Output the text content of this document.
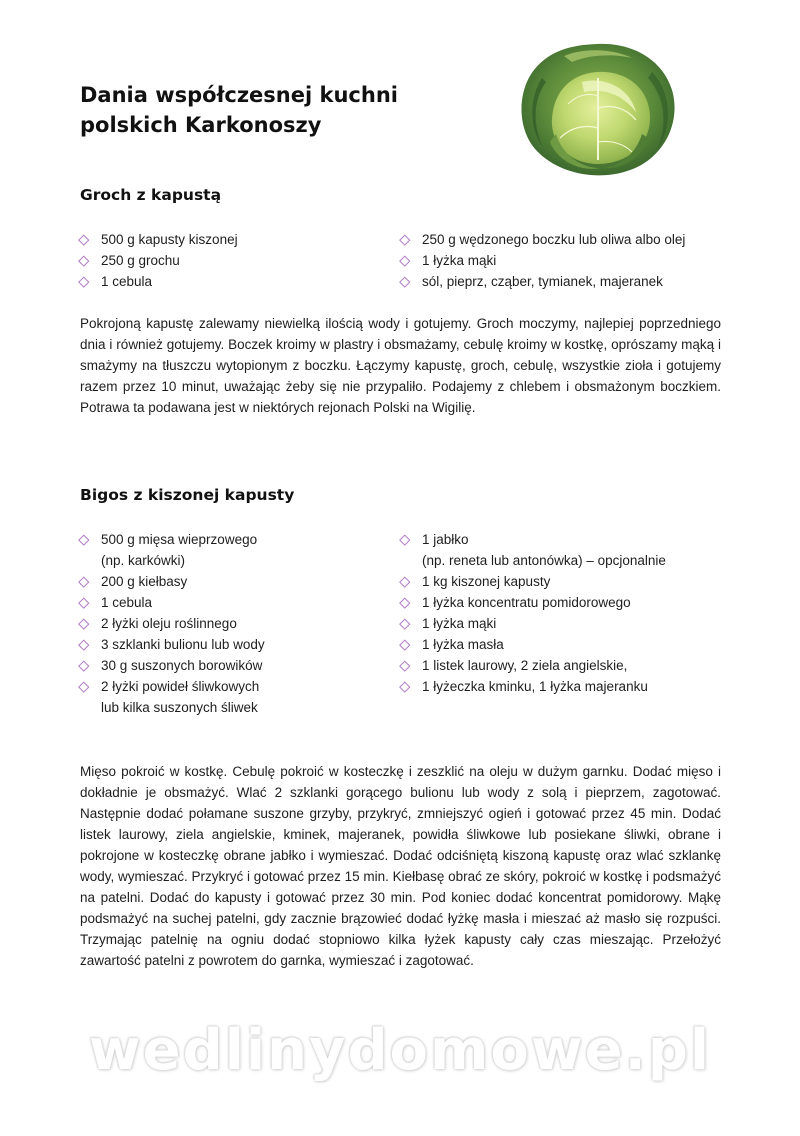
Dania współczesnej kuchni
polskich Karkonoszy
Groch z kapustą
500 g kapusty kiszonej
250 g grochu
1 cebula
250 g wędzonego boczku lub oliwa albo olej
1 łyżka mąki
sól, pieprz, cząber, tymianek, majeranek

Pokrojoną kapustę zalewamy niewielką ilością wody i gotujemy. Groch moczymy, najlepiej poprzedniego dnia i również gotujemy. Boczek kroimy w plastry i obsmażamy, cebulę kroimy w kostkę, oprószamy mąką i smażymy na tłuszczu wytopionym z boczku. Łączymy kapustę, groch, cebulę, wszystkie zioła i gotujemy razem przez 10 minut, uważając żeby się nie przypaliło. Podajemy z chlebem i obsmażonym boczkiem. Potrawa ta podawana jest w niektórych rejonach Polski na Wigilię.

Bigos z kiszonej kapusty
500 g mięsa wieprzowego
(np. karkówki)
200 g kiełbasy
1 cebula
2 łyżki oleju roślinnego
3 szklanki bulionu lub wody
30 g suszonych borowików
2 łyżki powideł śliwkowych
lub kilka suszonych śliwek
1 jabłko
(np. reneta lub antonówka) – opcjonalnie
1 kg kiszonej kapusty
1 łyżka koncentratu pomidorowego
1 łyżka mąki
1 łyżka masła
1 listek laurowy, 2 ziela angielskie,
1 łyżeczka kminku, 1 łyżka majeranku

Mięso pokroić w kostkę. Cebulę pokroić w kosteczkę i zeszklić na oleju w dużym garnku. Dodać mięso i dokładnie je obsmażyć. Wlać 2 szklanki gorącego bulionu lub wody z solą i pieprzem, zagotować. Następnie dodać połamane suszone grzyby, przykryć, zmniejszyć ogień i gotować przez 45 min. Dodać listek laurowy, ziela angielskie, kminek, majeranek, powidła śliwkowe lub posiekane śliwki, obrane i pokrojone w kosteczkę obrane jabłko i wymieszać. Dodać odciśniętą kiszoną kapustę oraz wlać szklankę wody, wymieszać. Przykryć i gotować przez 15 min. Kiełbasę obrać ze skóry, pokroić w kostkę i podsmażyć na patelni. Dodać do kapusty i gotować przez 30 min. Pod koniec dodać koncentrat pomidorowy. Mąkę podsmażyć na suchej patelni, gdy zacznie brązowieć dodać łyżkę masła i mieszać aż masło się rozpuści. Trzymając patelnię na ogniu dodać stopniowo kilka łyżek kapusty cały czas mieszając. Przełożyć zawartość patelni z powrotem do garnka, wymieszać i zagotować.

wedlinydomowe.pl
